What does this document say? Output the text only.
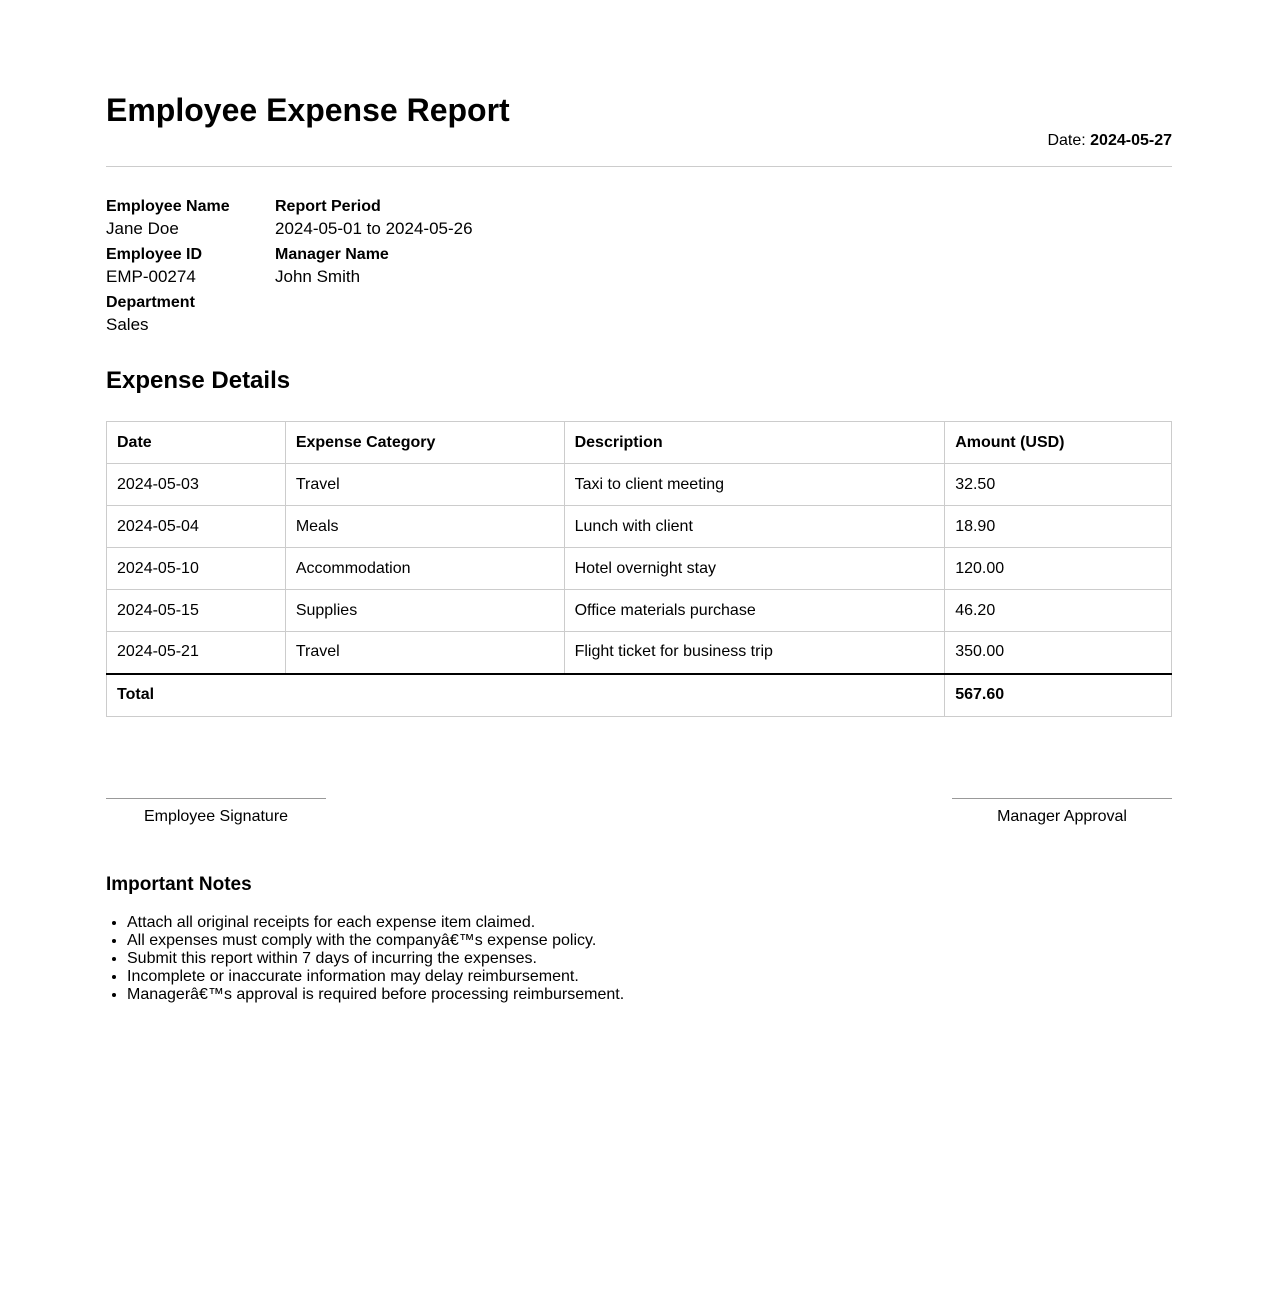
Employee Expense Report
Date: 2024-05-27
Employee Name
Jane Doe
Employee ID
EMP-00274
Department
Sales
Report Period
2024-05-01 to 2024-05-26
Manager Name
John Smith
Expense Details
Date	Expense Category	Description	Amount (USD)
2024-05-03	Travel	Taxi to client meeting	32.50
2024-05-04	Meals	Lunch with client	18.90
2024-05-10	Accommodation	Hotel overnight stay	120.00
2024-05-15	Supplies	Office materials purchase	46.20
2024-05-21	Travel	Flight ticket for business trip	350.00
Total			567.60
Employee Signature	Manager Approval
Important Notes
• Attach all original receipts for each expense item claimed.
• All expenses must comply with the companyâ€™s expense policy.
• Submit this report within 7 days of incurring the expenses.
• Incomplete or inaccurate information may delay reimbursement.
• Managerâ€™s approval is required before processing reimbursement.
